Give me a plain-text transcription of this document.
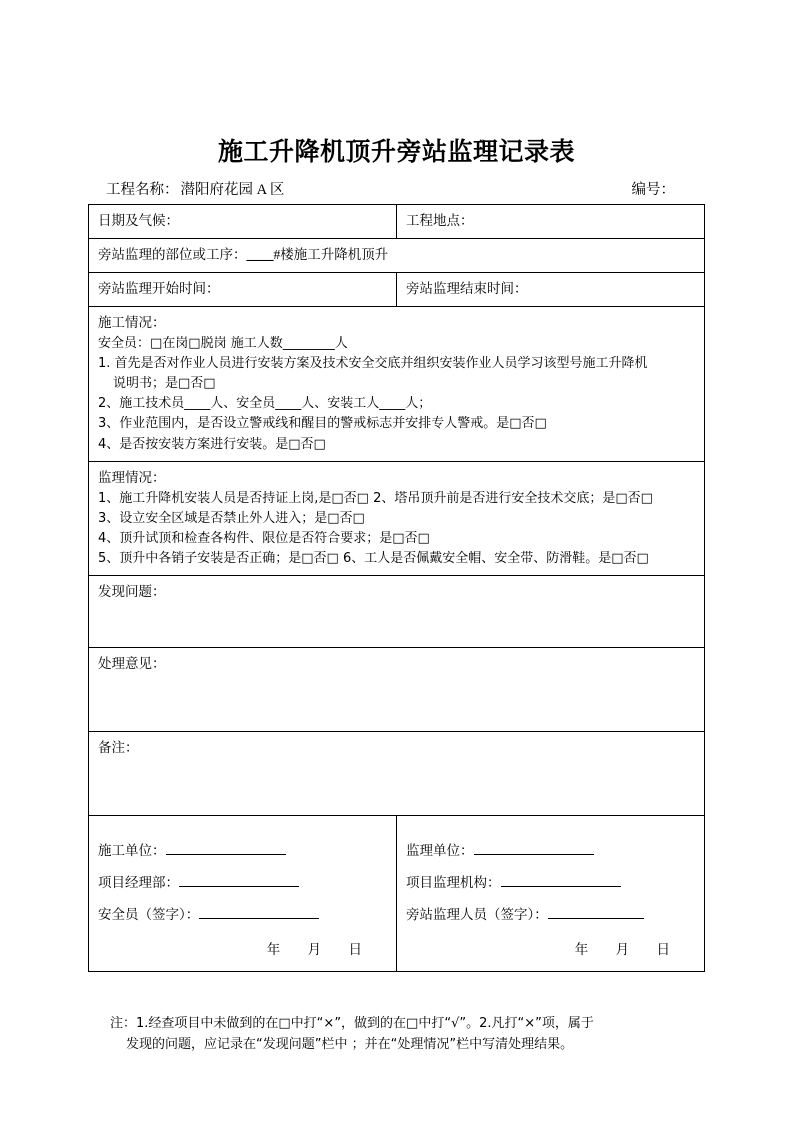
施工升降机顶升旁站监理记录表
工程名称： 潜阳府花园 A 区	编号：
日期及气候：	工程地点：
旁站监理的部位或工序：____#楼施工升降机顶升	
旁站监理开始时间：	旁站监理结束时间：

施工情况：
安全员：□在岗□脱岗 施工人数________人
1. 首先是否对作业人员进行安装方案及技术安全交底并组织安装作业人员学习该型号施工升降机
说明书；是□否□
2、施工技术员____人、安全员____人、安装工人____人；
3、作业范围内，是否设立警戒线和醒目的警戒标志并安排专人警戒。是□否□
4、是否按安装方案进行安装。是□否□

监理情况：
1、施工升降机安装人员是否持证上岗,是□否□ 2、塔吊顶升前是否进行安全技术交底；是□否□
3、设立安全区域是否禁止外人进入；是□否□
4、顶升试顶和检查各构件、限位是否符合要求；是□否□
5、顶升中各销子安装是否正确；是□否□ 6、工人是否佩戴安全帽、安全带、防滑鞋。是□否□	

发现问题：	
处理意见：	
备注：	

施工单位：
项目经理部：
安全员（签字）：
年 月 日

监理单位：
项目监理机构：
旁站监理人员（签字）：
年 月 日
注：1.经查项目中未做到的在□中打“×”，做到的在□中打“√”。2.凡打“×”项，属于
发现的问题，应记录在“发现问题”栏中 ；并在“处理情况”栏中写清处理结果。
